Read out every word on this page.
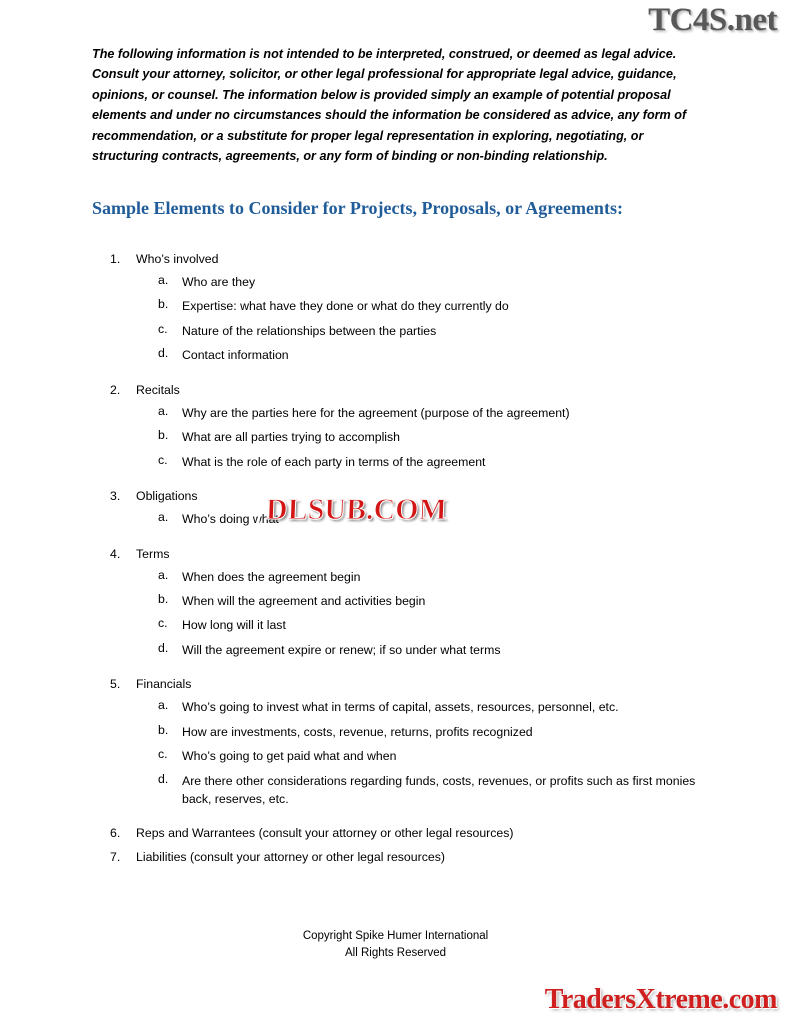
TC4S.net
The following information is not intended to be interpreted, construed, or deemed as legal advice. Consult your attorney, solicitor, or other legal professional for appropriate legal advice, guidance, opinions, or counsel. The information below is provided simply an example of potential proposal elements and under no circumstances should the information be considered as advice, any form of recommendation, or a substitute for proper legal representation in exploring, negotiating, or structuring contracts, agreements, or any form of binding or non-binding relationship.
Sample Elements to Consider for Projects, Proposals, or Agreements:
1.	Who’s involved
a.	Who are they
b.	Expertise: what have they done or what do they currently do
c.	Nature of the relationships between the parties
d.	Contact information
2.	Recitals
a.	Why are the parties here for the agreement (purpose of the agreement)
b.	What are all parties trying to accomplish
c.	What is the role of each party in terms of the agreement
3.	Obligations
a.	Who’s doing what
4.	Terms
a.	When does the agreement begin
b.	When will the agreement and activities begin
c.	How long will it last
d.	Will the agreement expire or renew; if so under what terms
5.	Financials
a.	Who’s going to invest what in terms of capital, assets, resources, personnel, etc.
b.	How are investments, costs, revenue, returns, profits recognized
c.	Who’s going to get paid what and when
d.	Are there other considerations regarding funds, costs, revenues, or profits such as first monies back, reserves, etc.
6.	Reps and Warrantees (consult your attorney or other legal resources)
7.	Liabilities (consult your attorney or other legal resources)
DLSUB.COM
Copyright Spike Humer International
All Rights Reserved
TradersXtreme.com
